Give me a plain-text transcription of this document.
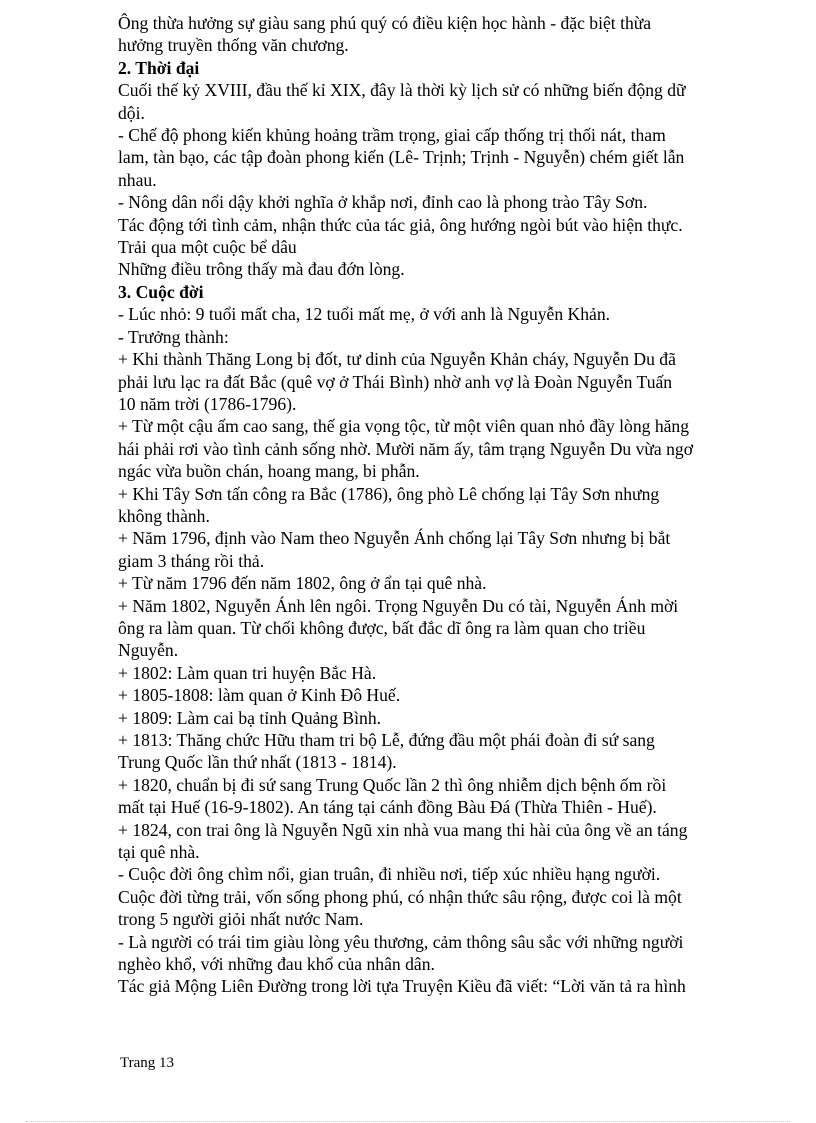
Ông thừa hưởng sự giàu sang phú quý có điều kiện học hành - đặc biệt thừa
hưởng truyền thống văn chương.
2. Thời đại
Cuối thế kỷ XVIII, đầu thế kỉ XIX, đây là thời kỳ lịch sử có những biến động dữ
dội.
- Chế độ phong kiến khủng hoảng trầm trọng, giai cấp thống trị thối nát, tham
lam, tàn bạo, các tập đoàn phong kiến (Lê- Trịnh; Trịnh - Nguyễn) chém giết lẫn
nhau.
- Nông dân nổi dậy khởi nghĩa ở khắp nơi, đỉnh cao là phong trào Tây Sơn.
Tác động tới tình cảm, nhận thức của tác giả, ông hướng ngòi bút vào hiện thực.
Trải qua một cuộc bể dâu
Những điều trông thấy mà đau đớn lòng.
3. Cuộc đời
- Lúc nhỏ: 9 tuổi mất cha, 12 tuổi mất mẹ, ở với anh là Nguyễn Khản.
- Trưởng thành:
+ Khi thành Thăng Long bị đốt, tư dinh của Nguyễn Khản cháy, Nguyễn Du đã
phải lưu lạc ra đất Bắc (quê vợ ở Thái Bình) nhờ anh vợ là Đoàn Nguyễn Tuấn
10 năm trời (1786-1796).
+ Từ một cậu ấm cao sang, thế gia vọng tộc, từ một viên quan nhỏ đầy lòng hăng
hái phải rơi vào tình cảnh sống nhờ. Mười năm ấy, tâm trạng Nguyễn Du vừa ngơ
ngác vừa buồn chán, hoang mang, bi phẫn.
+ Khi Tây Sơn tấn công ra Bắc (1786), ông phò Lê chống lại Tây Sơn nhưng
không thành.
+ Năm 1796, định vào Nam theo Nguyễn Ánh chống lại Tây Sơn nhưng bị bắt
giam 3 tháng rồi thả.
+ Từ năm 1796 đến năm 1802, ông ở ẩn tại quê nhà.
+ Năm 1802, Nguyễn Ánh lên ngôi. Trọng Nguyễn Du có tài, Nguyễn Ánh mời
ông ra làm quan. Từ chối không được, bất đắc dĩ ông ra làm quan cho triều
Nguyễn.
+ 1802: Làm quan tri huyện Bắc Hà.
+ 1805-1808: làm quan ở Kinh Đô Huế.
+ 1809: Làm cai bạ tỉnh Quảng Bình.
+ 1813: Thăng chức Hữu tham tri bộ Lễ, đứng đầu một phái đoàn đi sứ sang
Trung Quốc lần thứ nhất (1813 - 1814).
+ 1820, chuẩn bị đi sứ sang Trung Quốc lần 2 thì ông nhiễm dịch bệnh ốm rồi
mất tại Huế (16-9-1802). An táng tại cánh đồng Bàu Đá (Thừa Thiên - Huế).
+ 1824, con trai ông là Nguyễn Ngũ xin nhà vua mang thi hài của ông về an táng
tại quê nhà.
- Cuộc đời ông chìm nổi, gian truân, đi nhiều nơi, tiếp xúc nhiều hạng người.
Cuộc đời từng trải, vốn sống phong phú, có nhận thức sâu rộng, được coi là một
trong 5 người giỏi nhất nước Nam.
- Là người có trái tim giàu lòng yêu thương, cảm thông sâu sắc với những người
nghèo khổ, với những đau khổ của nhân dân.
Tác giả Mộng Liên Đường trong lời tựa Truyện Kiều đã viết: “Lời văn tả ra hình
Trang 13
